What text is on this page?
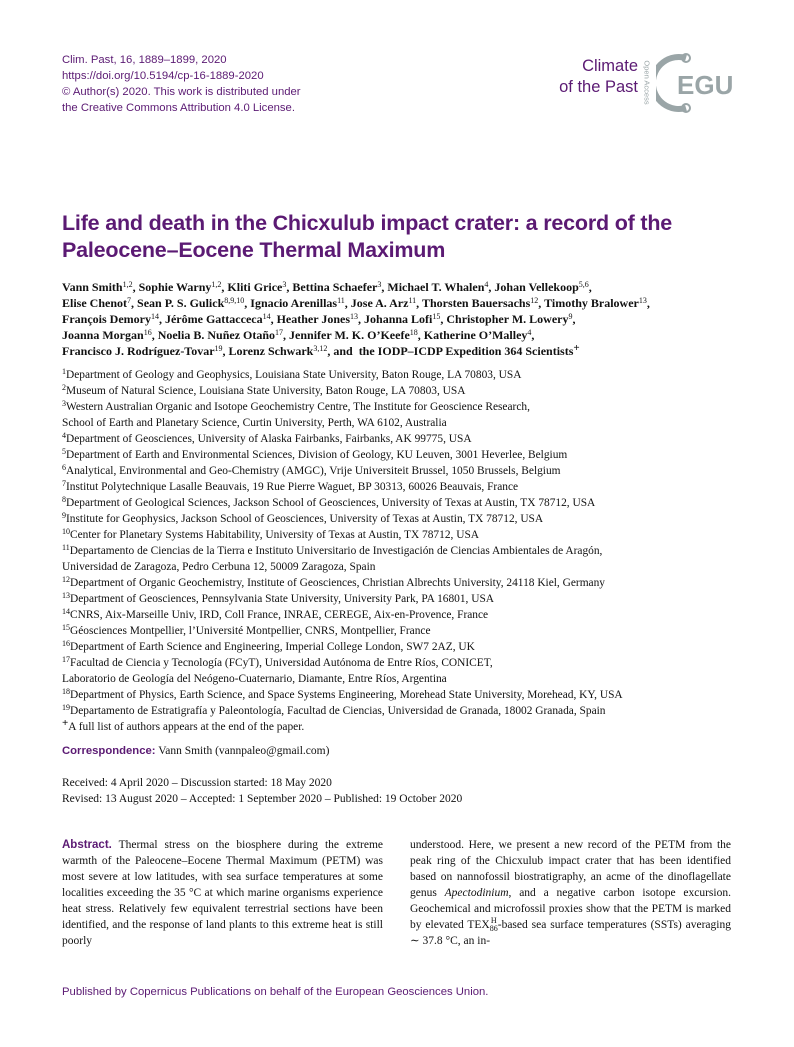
Clim. Past, 16, 1889–1899, 2020
https://doi.org/10.5194/cp-16-1889-2020
© Author(s) 2020. This work is distributed under
the Creative Commons Attribution 4.0 License.
Climate
of the Past Open Access EGU
Life and death in the Chicxulub impact crater: a record of the Paleocene–Eocene Thermal Maximum
Vann Smith$^{1,2}$, Sophie Warny$^{1,2}$, Kliti Grice$^3$, Bettina Schaefer$^3$, Michael T. Whalen$^4$, Johan Vellekoop$^{5,6}$,
Elise Chenot$^7$, Sean P. S. Gulick$^{8,9,10}$, Ignacio Arenillas$^{11}$, Jose A. Arz$^{11}$, Thorsten Bauersachs$^{12}$, Timothy Bralower$^{13}$,
François Demory$^{14}$, Jérôme Gattacceca$^{14}$, Heather Jones$^{13}$, Johanna Lofi$^{15}$, Christopher M. Lowery$^9$,
Joanna Morgan$^{16}$, Noelia B. Nuñez Otaño$^{17}$, Jennifer M. K. O’Keefe$^{18}$, Katherine O’Malley$^4$,
Francisco J. Rodríguez-Tovar$^{19}$, Lorenz Schwark$^{3,12}$, and  the IODP–ICDP Expedition 364 Scientists+
$^1$Department of Geology and Geophysics, Louisiana State University, Baton Rouge, LA 70803, USA
$^2$Museum of Natural Science, Louisiana State University, Baton Rouge, LA 70803, USA
$^3$Western Australian Organic and Isotope Geochemistry Centre, The Institute for Geoscience Research,
School of Earth and Planetary Science, Curtin University, Perth, WA 6102, Australia
$^4$Department of Geosciences, University of Alaska Fairbanks, Fairbanks, AK 99775, USA
$^5$Department of Earth and Environmental Sciences, Division of Geology, KU Leuven, 3001 Heverlee, Belgium
$^6$Analytical, Environmental and Geo-Chemistry (AMGC), Vrije Universiteit Brussel, 1050 Brussels, Belgium
$^7$Institut Polytechnique Lasalle Beauvais, 19 Rue Pierre Waguet, BP 30313, 60026 Beauvais, France
$^8$Department of Geological Sciences, Jackson School of Geosciences, University of Texas at Austin, TX 78712, USA
$^9$Institute for Geophysics, Jackson School of Geosciences, University of Texas at Austin, TX 78712, USA
$^{10}$Center for Planetary Systems Habitability, University of Texas at Austin, TX 78712, USA
$^{11}$Departamento de Ciencias de la Tierra e Instituto Universitario de Investigación de Ciencias Ambientales de Aragón,
Universidad de Zaragoza, Pedro Cerbuna 12, 50009 Zaragoza, Spain
$^{12}$Department of Organic Geochemistry, Institute of Geosciences, Christian Albrechts University, 24118 Kiel, Germany
$^{13}$Department of Geosciences, Pennsylvania State University, University Park, PA 16801, USA
$^{14}$CNRS, Aix-Marseille Univ, IRD, Coll France, INRAE, CEREGE, Aix-en-Provence, France
$^{15}$Géosciences Montpellier, l’Université Montpellier, CNRS, Montpellier, France
$^{16}$Department of Earth Science and Engineering, Imperial College London, SW7 2AZ, UK
$^{17}$Facultad de Ciencia y Tecnología (FCyT), Universidad Autónoma de Entre Ríos, CONICET,
Laboratorio de Geología del Neógeno-Cuaternario, Diamante, Entre Ríos, Argentina
$^{18}$Department of Physics, Earth Science, and Space Systems Engineering, Morehead State University, Morehead, KY, USA
$^{19}$Departamento de Estratigrafía y Paleontología, Facultad de Ciencias, Universidad de Granada, 18002 Granada, Spain
+A full list of authors appears at the end of the paper.
Correspondence: Vann Smith (vannpaleo@gmail.com)
Received: 4 April 2020 – Discussion started: 18 May 2020
Revised: 13 August 2020 – Accepted: 1 September 2020 – Published: 19 October 2020
Abstract. Thermal stress on the biosphere during the extreme warmth of the Paleocene–Eocene Thermal Maximum (PETM) was most severe at low latitudes, with sea surface temperatures at some localities exceeding the 35 °C at which marine organisms experience heat stress. Relatively few equivalent terrestrial sections have been identified, and the response of land plants to this extreme heat is still poorly
understood. Here, we present a new record of the PETM from the peak ring of the Chicxulub impact crater that has been identified based on nannofossil biostratigraphy, an acme of the dinoflagellate genus Apectodinium, and a negative carbon isotope excursion. Geochemical and microfossil proxies show that the PETM is marked by elevated TEX H
86 -based sea surface temperatures (SSTs) averaging ∼ 37.8 °C, an in-
Published by Copernicus Publications on behalf of the European Geosciences Union.
